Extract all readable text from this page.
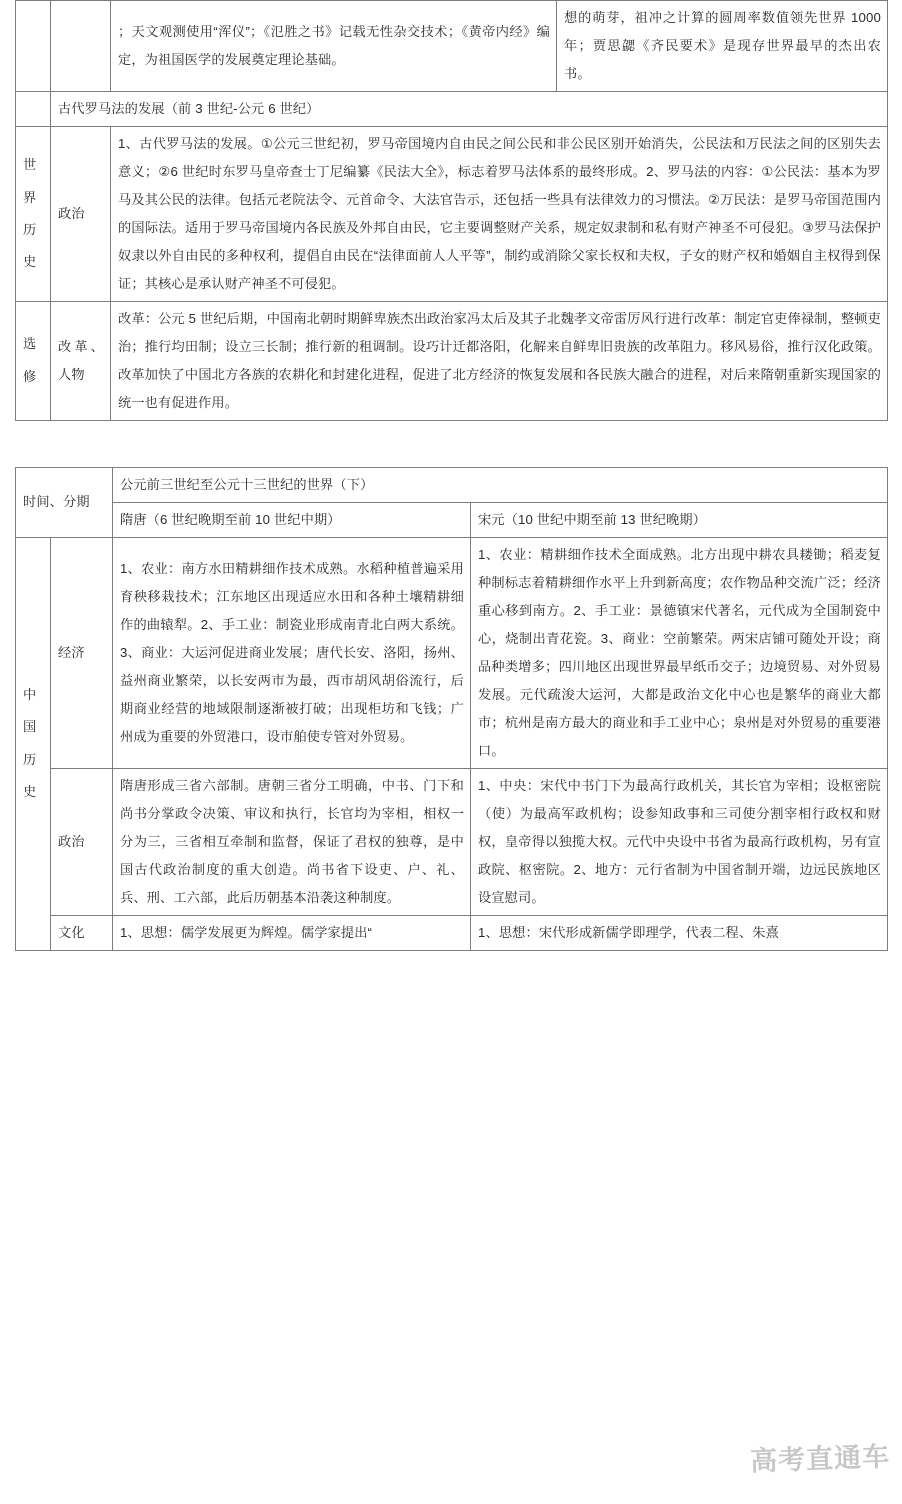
		；天文观测使用“浑仪”；《氾胜之书》记载无性杂交技术；《黄帝内经》编定，为祖国医学的发展奠定理论基础。	想的萌芽，祖冲之计算的圆周率数值领先世界 1000 年；贾思勰《齐民要术》是现存世界最早的杰出农书。
	古代罗马法的发展（前 3 世纪-公元 6 世纪）		
世界历史	政治	1、古代罗马法的发展。①公元三世纪初，罗马帝国境内自由民之间公民和非公民区别开始消失，公民法和万民法之间的区别失去意义；②6 世纪时东罗马皇帝查士丁尼编纂《民法大全》，标志着罗马法体系的最终形成。2、罗马法的内容：①公民法：基本为罗马及其公民的法律。包括元老院法令、元首命令、大法官告示，还包括一些具有法律效力的习惯法。②万民法：是罗马帝国范围内的国际法。适用于罗马帝国境内各民族及外邦自由民，它主要调整财产关系，规定奴隶制和私有财产神圣不可侵犯。③罗马法保护奴隶以外自由民的多种权利，提倡自由民在“法律面前人人平等”，制约或消除父家长权和夫权，子女的财产权和婚姻自主权得到保证；其核心是承认财产神圣不可侵犯。	
选修	改革、人物	改革：公元 5 世纪后期，中国南北朝时期鲜卑族杰出政治家冯太后及其子北魏孝文帝雷厉风行进行改革：制定官吏俸禄制，整顿吏治；推行均田制；设立三长制；推行新的租调制。设巧计迁都洛阳，化解来自鲜卑旧贵族的改革阻力。移风易俗，推行汉化政策。改革加快了中国北方各族的农耕化和封建化进程，促进了北方经济的恢复发展和各民族大融合的进程，对后来隋朝重新实现国家的统一也有促进作用。	
时间、分期		公元前三世纪至公元十三世纪的世界（下）	
		隋唐（6 世纪晚期至前 10 世纪中期）	宋元（10 世纪中期至前 13 世纪晚期）
中国历史	经济	1、农业：南方水田精耕细作技术成熟。水稻种植普遍采用育秧移栽技术；江东地区出现适应水田和各种土壤精耕细作的曲辕犁。2、手工业：制瓷业形成南青北白两大系统。3、商业：大运河促进商业发展；唐代长安、洛阳，扬州、益州商业繁荣，以长安两市为最，西市胡风胡俗流行，后期商业经营的地域限制逐渐被打破；出现柜坊和飞钱；广州成为重要的外贸港口，设市舶使专管对外贸易。	1、农业：精耕细作技术全面成熟。北方出现中耕农具耧锄；稻麦复种制标志着精耕细作水平上升到新高度；农作物品种交流广泛；经济重心移到南方。2、手工业：景德镇宋代著名，元代成为全国制瓷中心，烧制出青花瓷。3、商业：空前繁荣。两宋店铺可随处开设；商品种类增多；四川地区出现世界最早纸币交子；边境贸易、对外贸易发展。元代疏浚大运河，大都是政治文化中心也是繁华的商业大都市；杭州是南方最大的商业和手工业中心；泉州是对外贸易的重要港口。
	政治	隋唐形成三省六部制。唐朝三省分工明确，中书、门下和尚书分掌政令决策、审议和执行，长官均为宰相，相权一分为三，三省相互牵制和监督，保证了君权的独尊，是中国古代政治制度的重大创造。尚书省下设吏、户、礼、兵、刑、工六部，此后历朝基本沿袭这种制度。	1、中央：宋代中书门下为最高行政机关，其长官为宰相；设枢密院（使）为最高军政机构；设参知政事和三司使分割宰相行政权和财权，皇帝得以独揽大权。元代中央设中书省为最高行政机构，另有宣政院、枢密院。2、地方：元行省制为中国省制开端，边远民族地区设宣慰司。
	文化	1、思想：儒学发展更为辉煌。儒学家提出“	1、思想：宋代形成新儒学即理学，代表二程、朱熹
高考直通车
